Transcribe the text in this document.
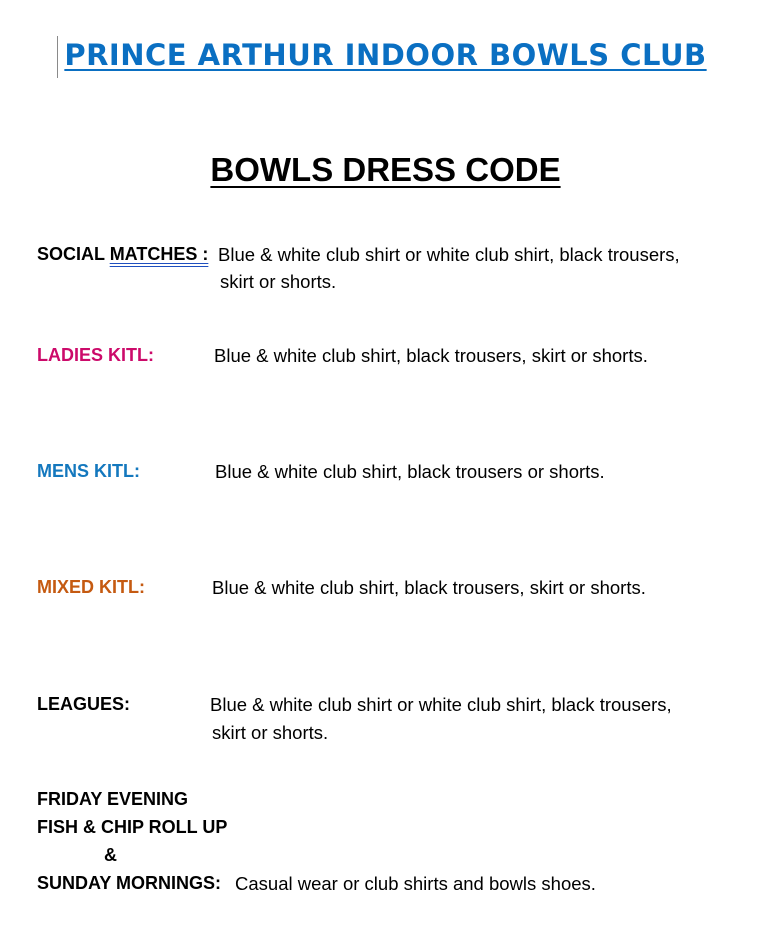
PRINCE ARTHUR INDOOR BOWLS CLUB
BOWLS DRESS CODE
SOCIAL MATCHES : Blue & white club shirt or white club shirt, black trousers,
skirt or shorts.
LADIES KITL:	Blue & white club shirt, black trousers, skirt or shorts.
MENS KITL:	Blue & white club shirt, black trousers or shorts.
MIXED KITL:	Blue & white club shirt, black trousers, skirt or shorts.
LEAGUES:	Blue & white club shirt or white club shirt, black trousers,
skirt or shorts.
FRIDAY EVENING
FISH & CHIP ROLL UP
&
SUNDAY MORNINGS: Casual wear or club shirts and bowls shoes.
